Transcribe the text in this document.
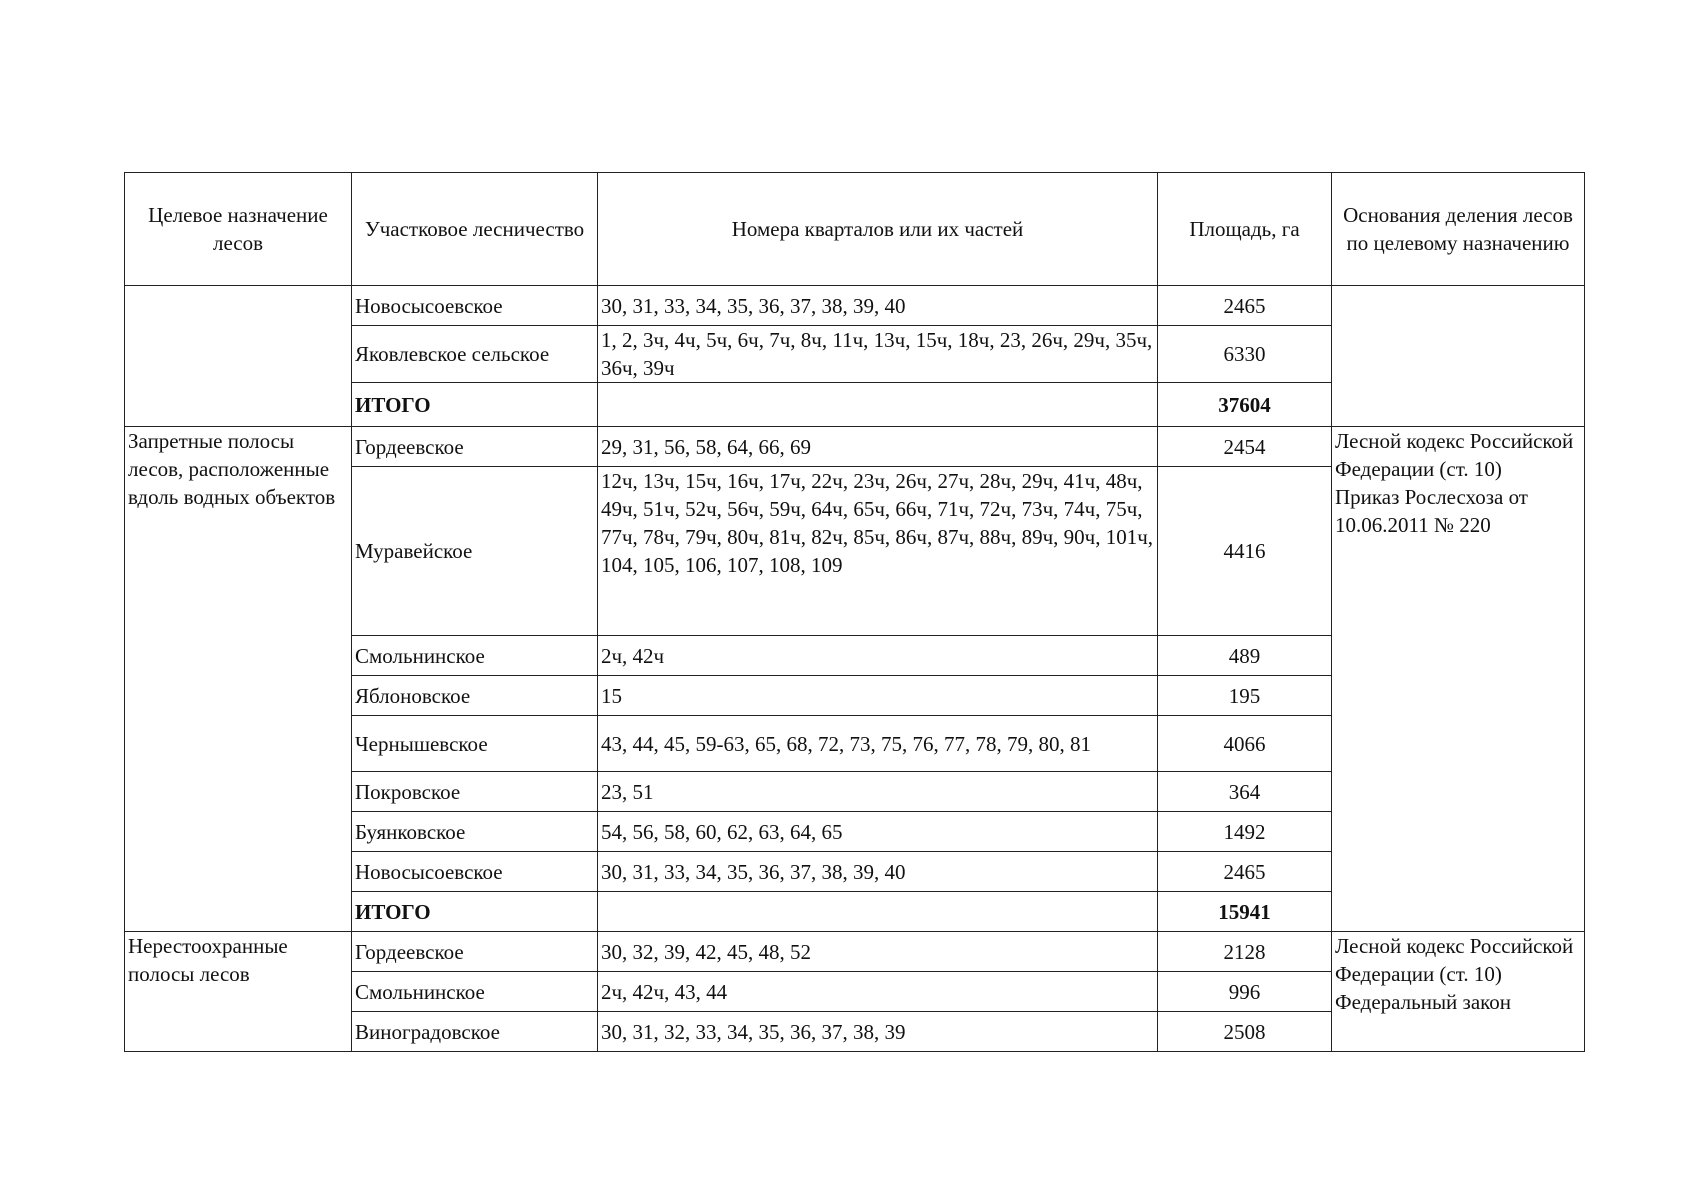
Целевое назначение лесов	Участковое лесничество	Номера кварталов или их частей	Площадь, га	Основания деления лесов по целевому назначению
	Новосысоевское	30, 31, 33, 34, 35, 36, 37, 38, 39, 40	2465	
	Яковлевское сельское	1, 2, 3ч, 4ч, 5ч, 6ч, 7ч, 8ч, 11ч, 13ч, 15ч, 18ч, 23, 26ч, 29ч, 35ч, 36ч, 39ч	6330	
	ИТОГО		37604	
Запретные полосы лесов, расположенные вдоль водных объектов	Гордеевское	29, 31, 56, 58, 64, 66, 69	2454	Лесной кодекс Российской Федерации (ст. 10)
Приказ Рослесхоза от 10.06.2011 № 220

	Муравейское	12ч, 13ч, 15ч, 16ч, 17ч, 22ч, 23ч, 26ч, 27ч, 28ч, 29ч, 41ч, 48ч, 49ч, 51ч, 52ч, 56ч, 59ч, 64ч, 65ч, 66ч, 71ч, 72ч, 73ч, 74ч, 75ч, 77ч, 78ч, 79ч, 80ч, 81ч, 82ч, 85ч, 86ч, 87ч, 88ч, 89ч, 90ч, 101ч, 104, 105, 106, 107, 108, 109	4416	
	Смольнинское	2ч, 42ч	489	
	Яблоновское	15	195	
	Чернышевское	43, 44, 45, 59-63, 65, 68, 72, 73, 75, 76, 77, 78, 79, 80, 81	4066	
	Покровское	23, 51	364	
	Буянковское	54, 56, 58, 60, 62, 63, 64, 65	1492	
	Новосысоевское	30, 31, 33, 34, 35, 36, 37, 38, 39, 40	2465	
	ИТОГО		15941	
Нерестоохранные полосы лесов	Гордеевское	30, 32, 39, 42, 45, 48, 52	2128	Лесной кодекс Российской Федерации (ст. 10)
Федеральный закон

	Смольнинское	2ч, 42ч, 43, 44	996	
	Виноградовское	30, 31, 32, 33, 34, 35, 36, 37, 38, 39	2508	
